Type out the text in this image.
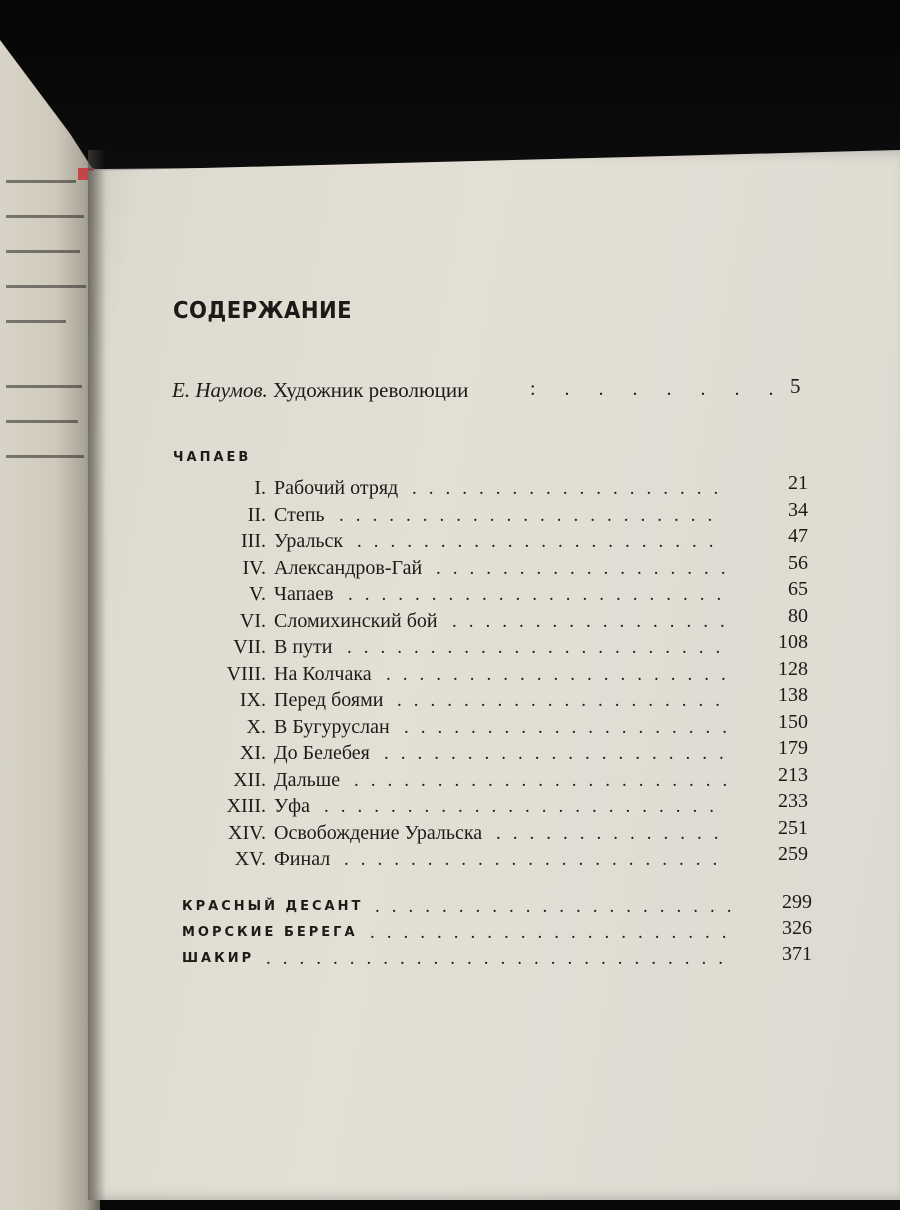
СОДЕРЖАНИЕ
Е. Наумов. Художник революции	: . . . . . . . 5
ЧАПАЕВ
I. Рабочий отряд ...................	21
II. Степь .......................	34
III. Уральск ......................	47
IV. Александров-Гай ..................	56
V. Чапаев .......................	65
VI. Сломихинский бой .................	80
VII. В пути .......................	108
VIII. На Колчака .....................	128
IX. Перед боями ....................	138
X. В Бугуруслан ....................	150
XI. До Белебея .....................	179
XII. Дальше .......................	213
XIII. Уфа ........................	233
XIV. Освобождение Уральска ..............	251
XV. Финал .......................	259
КРАСНЫЙ ДЕСАНТ ......................	299
МОРСКИЕ БЕРЕГА ......................	326
ШАКИР ............................	371
